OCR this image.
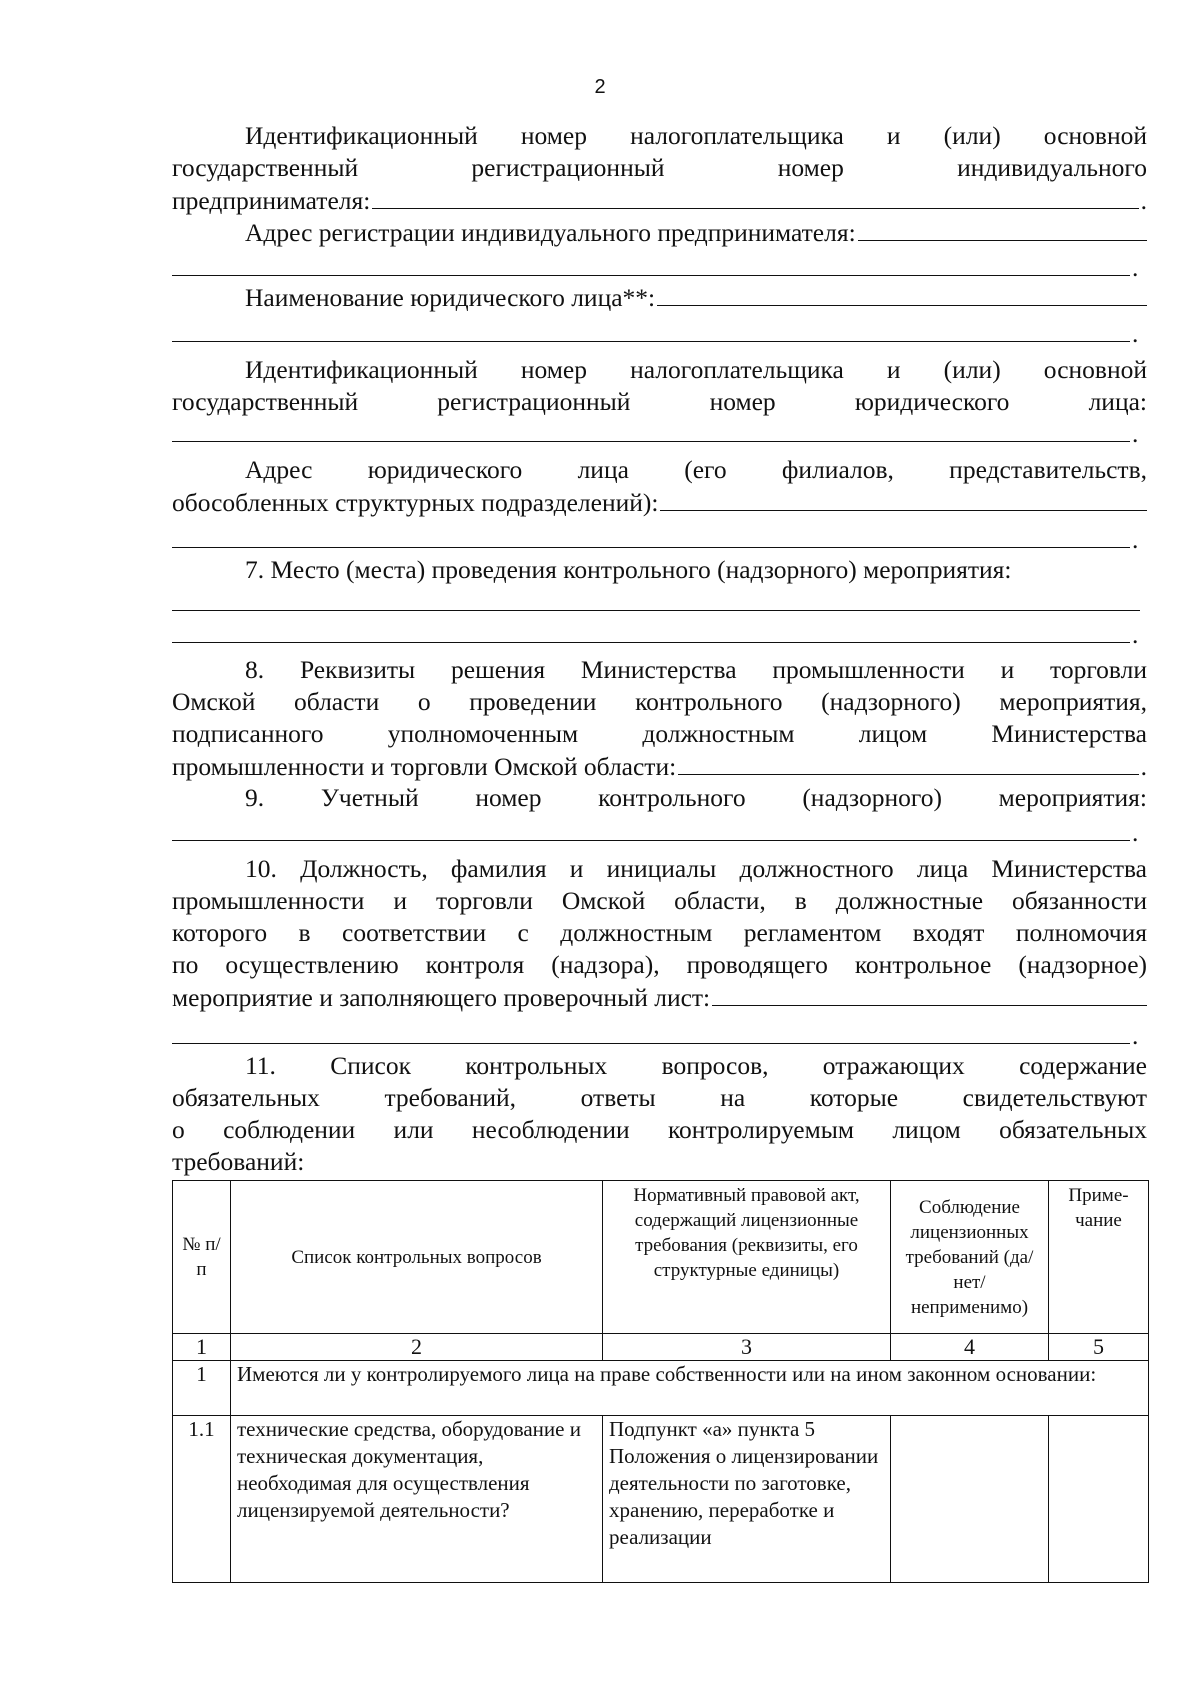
2
Идентификационный номер налогоплательщика и (или) основной
государственный регистрационный номер индивидуального
предпринимателя:	.
Адрес регистрации индивидуального предпринимателя:
.
Наименование юридического лица**:
.
Идентификационный номер налогоплательщика и (или) основной
государственный регистрационный номер юридического лица:
.
Адрес юридического лица (его филиалов, представительств,
обособленных структурных подразделений):
.
7. Место (места) проведения контрольного (надзорного) мероприятия:
.
8. Реквизиты решения Министерства промышленности и торговли
Омской области о проведении контрольного (надзорного) мероприятия,
подписанного уполномоченным должностным лицом Министерства
промышленности и торговли Омской области:	.
9. Учетный номер контрольного (надзорного) мероприятия:
.
10. Должность, фамилия и инициалы должностного лица Министерства
промышленности и торговли Омской области, в должностные обязанности
которого в соответствии с должностным регламентом входят полномочия
по осуществлению контроля (надзора), проводящего контрольное (надзорное)
мероприятие и заполняющего проверочный лист:
.
11. Список контрольных вопросов, отражающих содержание
обязательных требований, ответы на которые свидетельствуют
о соблюдении или несоблюдении контролируемым лицом обязательных
требований:
№ п/п	Список контрольных вопросов	Нормативный правовой акт, содержащий лицензионные требования (реквизиты, его структурные единицы)	Соблюдение лицензионных требований (да/нет/ неприменимо)	Приме- чание
1	2	3	4	5
1	Имеются ли у контролируемого лица на праве собственности или на ином законном основании:			
1.1	технические средства, оборудование и техническая документация, необходимая для осуществления лицензируемой деятельности?	Подпункт «а» пункта 5 Положения о лицензировании деятельности по заготовке, хранению, переработке и реализации		
